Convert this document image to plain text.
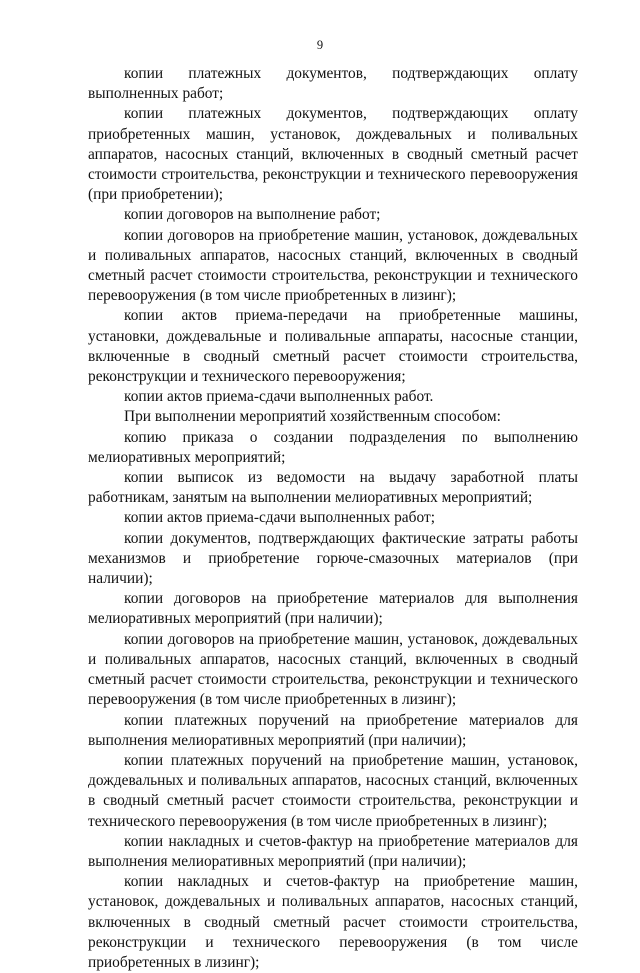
9

копии платежных документов, подтверждающих оплату выполненных работ;

копии платежных документов, подтверждающих оплату приобретенных машин, установок, дождевальных и поливальных аппаратов, насосных станций, включенных в сводный сметный расчет стоимости строительства, реконструкции и технического перевооружения (при приобретении);

копии договоров на выполнение работ;

копии договоров на приобретение машин, установок, дождевальных и поливальных аппаратов, насосных станций, включенных в сводный сметный расчет стоимости строительства, реконструкции и технического перевооружения (в том числе приобретенных в лизинг);

копии актов приема-передачи на приобретенные машины, установки, дождевальные и поливальные аппараты, насосные станции, включенные в сводный сметный расчет стоимости строительства, реконструкции и технического перевооружения;

копии актов приема-сдачи выполненных работ.

При выполнении мероприятий хозяйственным способом:

копию приказа о создании подразделения по выполнению мелиоративных мероприятий;

копии выписок из ведомости на выдачу заработной платы работникам, занятым на выполнении мелиоративных мероприятий;

копии актов приема-сдачи выполненных работ;

копии документов, подтверждающих фактические затраты работы механизмов и приобретение горюче-смазочных материалов (при наличии);

копии договоров на приобретение материалов для выполнения мелиоративных мероприятий (при наличии);

копии договоров на приобретение машин, установок, дождевальных и поливальных аппаратов, насосных станций, включенных в сводный сметный расчет стоимости строительства, реконструкции и технического перевооружения (в том числе приобретенных в лизинг);

копии платежных поручений на приобретение материалов для выполнения мелиоративных мероприятий (при наличии);

копии платежных поручений на приобретение машин, установок, дождевальных и поливальных аппаратов, насосных станций, включенных в сводный сметный расчет стоимости строительства, реконструкции и технического перевооружения (в том числе приобретенных в лизинг);

копии накладных и счетов-фактур на приобретение материалов для выполнения мелиоративных мероприятий (при наличии);

копии накладных и счетов-фактур на приобретение машин, установок, дождевальных и поливальных аппаратов, насосных станций, включенных в сводный сметный расчет стоимости строительства, реконструкции и технического перевооружения (в том числе приобретенных в лизинг);
